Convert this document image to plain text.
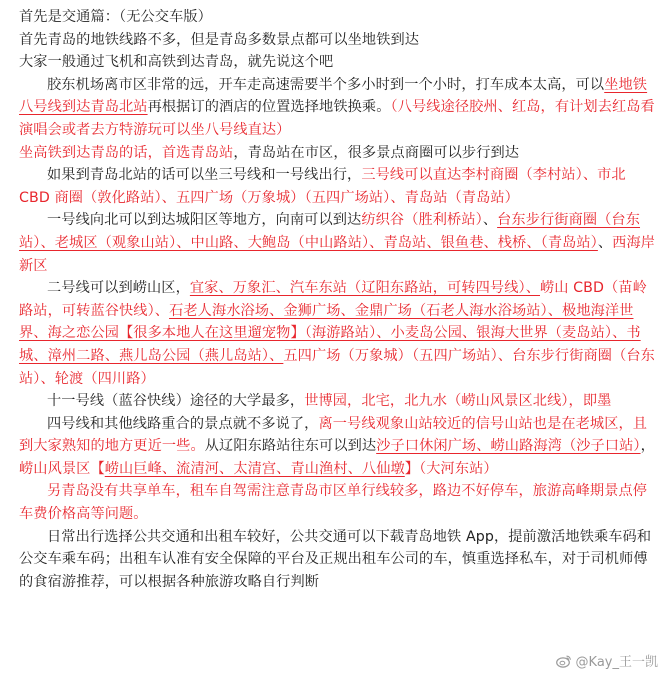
首先是交通篇：（无公交车版）

首先青岛的地铁线路不多，但是青岛多数景点都可以坐地铁到达

大家一般通过飞机和高铁到达青岛，就先说这个吧

胶东机场离市区非常的远，开车走高速需要半个多小时到一个小时，打车成本太高，可以坐地铁八号线到达青岛北站再根据订的酒店的位置选择地铁换乘。（八号线途径胶州、红岛，有计划去红岛看演唱会或者去方特游玩可以坐八号线直达）

坐高铁到达青岛的话，首选青岛站，青岛站在市区，很多景点商圈可以步行到达

如果到青岛北站的话可以坐三号线和一号线出行，三号线可以直达李村商圈（李村站）、市北 CBD 商圈（敦化路站）、五四广场（万象城）（五四广场站）、青岛站（青岛站）

一号线向北可以到达城阳区等地方，向南可以到达纺织谷（胜利桥站）、台东步行街商圈（台东站）、老城区（观象山站）、中山路、大鲍岛（中山路站）、青岛站、银鱼巷、栈桥、（青岛站）、西海岸新区

二号线可以到崂山区，宜家、万象汇、汽车东站（辽阳东路站，可转四号线）、崂山 CBD（苗岭路站，可转蓝谷快线）、石老人海水浴场、金狮广场、金鼎广场（石老人海水浴场站）、极地海洋世界、海之恋公园【很多本地人在这里遛宠物】（海游路站）、小麦岛公园、银海大世界（麦岛站）、书城、漳州二路、燕儿岛公园（燕儿岛站）、五四广场（万象城）（五四广场站）、台东步行街商圈（台东站）、轮渡（四川路）

十一号线（蓝谷快线）途径的大学最多，世博园，北宅，北九水（崂山风景区北线），即墨

四号线和其他线路重合的景点就不多说了，离一号线观象山站较近的信号山站也是在老城区，且到大家熟知的地方更近一些。从辽阳东路站往东可以到达沙子口休闲广场、崂山路海湾（沙子口站），崂山风景区【崂山巨峰、流清河、太清宫、青山渔村、八仙墩】（大河东站）

另青岛没有共享单车，租车自驾需注意青岛市区单行线较多，路边不好停车，旅游高峰期景点停车费价格高等问题。

日常出行选择公共交通和出租车较好，公共交通可以下载青岛地铁 App，提前激活地铁乘车码和公交车乘车码；出租车认准有安全保障的平台及正规出租车公司的车，慎重选择私车，对于司机师傅的食宿游推荐，可以根据各种旅游攻略自行判断

@Kay_王一凯
